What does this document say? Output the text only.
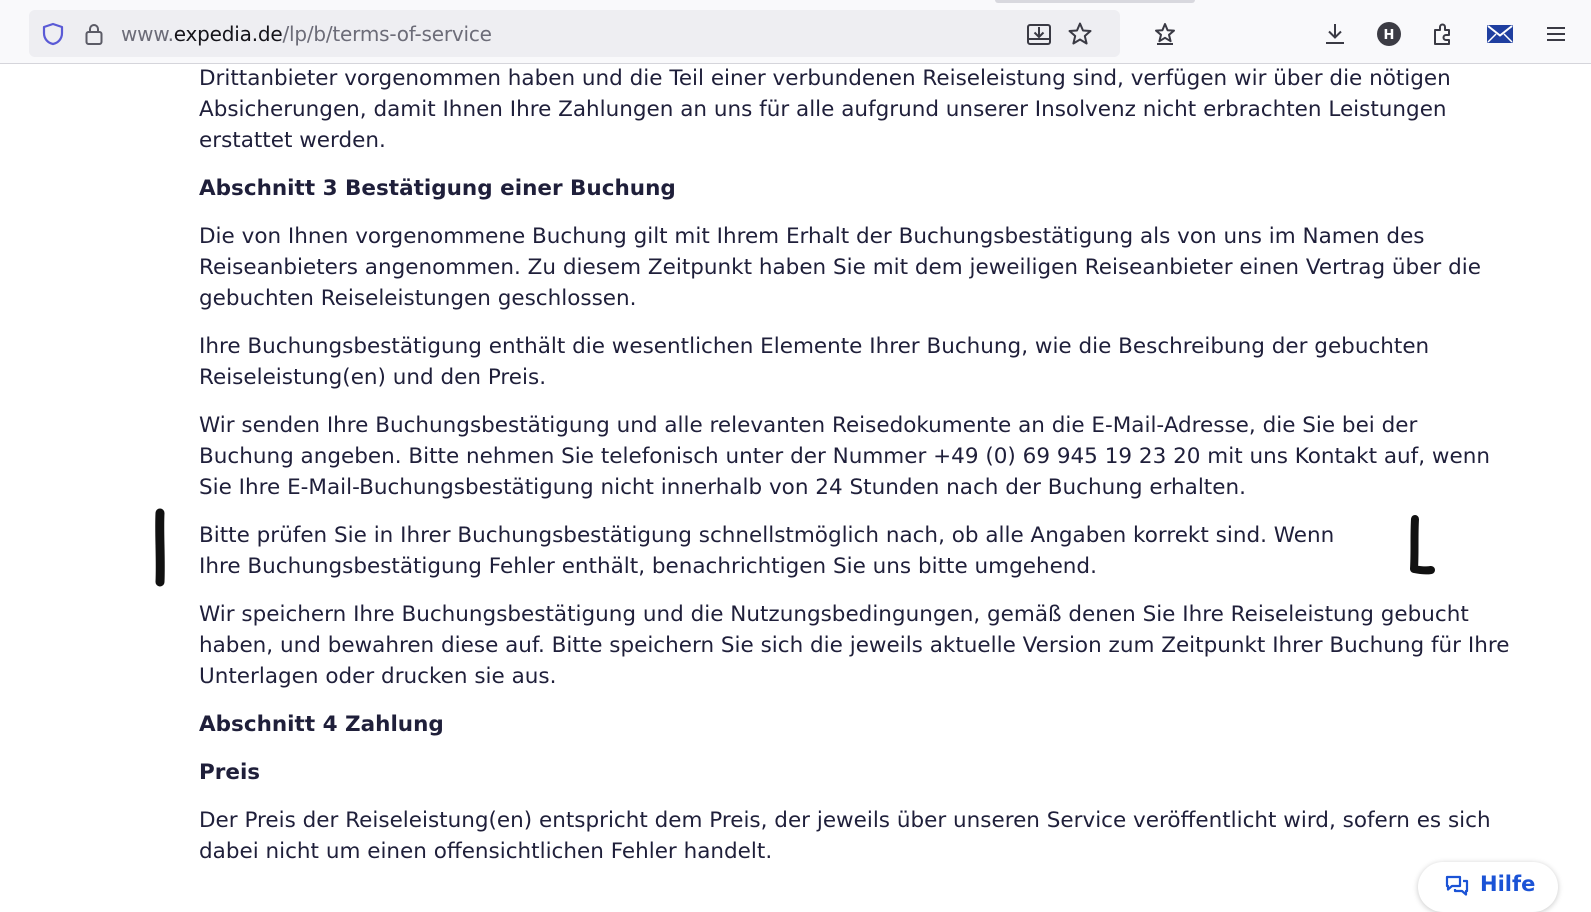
www.expedia.de/lp/b/terms-of-service	H

Drittanbieter vorgenommen haben und die Teil einer verbundenen Reiseleistung sind, verfügen wir über die nötigen Absicherungen, damit Ihnen Ihre Zahlungen an uns für alle aufgrund unserer Insolvenz nicht erbrachten Leistungen erstattet werden.

Abschnitt 3 Bestätigung einer Buchung

Die von Ihnen vorgenommene Buchung gilt mit Ihrem Erhalt der Buchungsbestätigung als von uns im Namen des Reiseanbieters angenommen. Zu diesem Zeitpunkt haben Sie mit dem jeweiligen Reiseanbieter einen Vertrag über die gebuchten Reiseleistungen geschlossen.

Ihre Buchungsbestätigung enthält die wesentlichen Elemente Ihrer Buchung, wie die Beschreibung der gebuchten Reiseleistung(en) und den Preis.

Wir senden Ihre Buchungsbestätigung und alle relevanten Reisedokumente an die E-Mail-Adresse, die Sie bei der Buchung angeben. Bitte nehmen Sie telefonisch unter der Nummer +49 (0) 69 945 19 23 20 mit uns Kontakt auf, wenn Sie Ihre E-Mail-Buchungsbestätigung nicht innerhalb von 24 Stunden nach der Buchung erhalten.

Bitte prüfen Sie in Ihrer Buchungsbestätigung schnellstmöglich nach, ob alle Angaben korrekt sind. Wenn Ihre Buchungsbestätigung Fehler enthält, benachrichtigen Sie uns bitte umgehend.

Wir speichern Ihre Buchungsbestätigung und die Nutzungsbedingungen, gemäß denen Sie Ihre Reiseleistung gebucht haben, und bewahren diese auf. Bitte speichern Sie sich die jeweils aktuelle Version zum Zeitpunkt Ihrer Buchung für Ihre Unterlagen oder drucken sie aus.

Abschnitt 4 Zahlung
Preis

Der Preis der Reiseleistung(en) entspricht dem Preis, der jeweils über unseren Service veröffentlicht wird, sofern es sich dabei nicht um einen offensichtlichen Fehler handelt.

Hilfe
